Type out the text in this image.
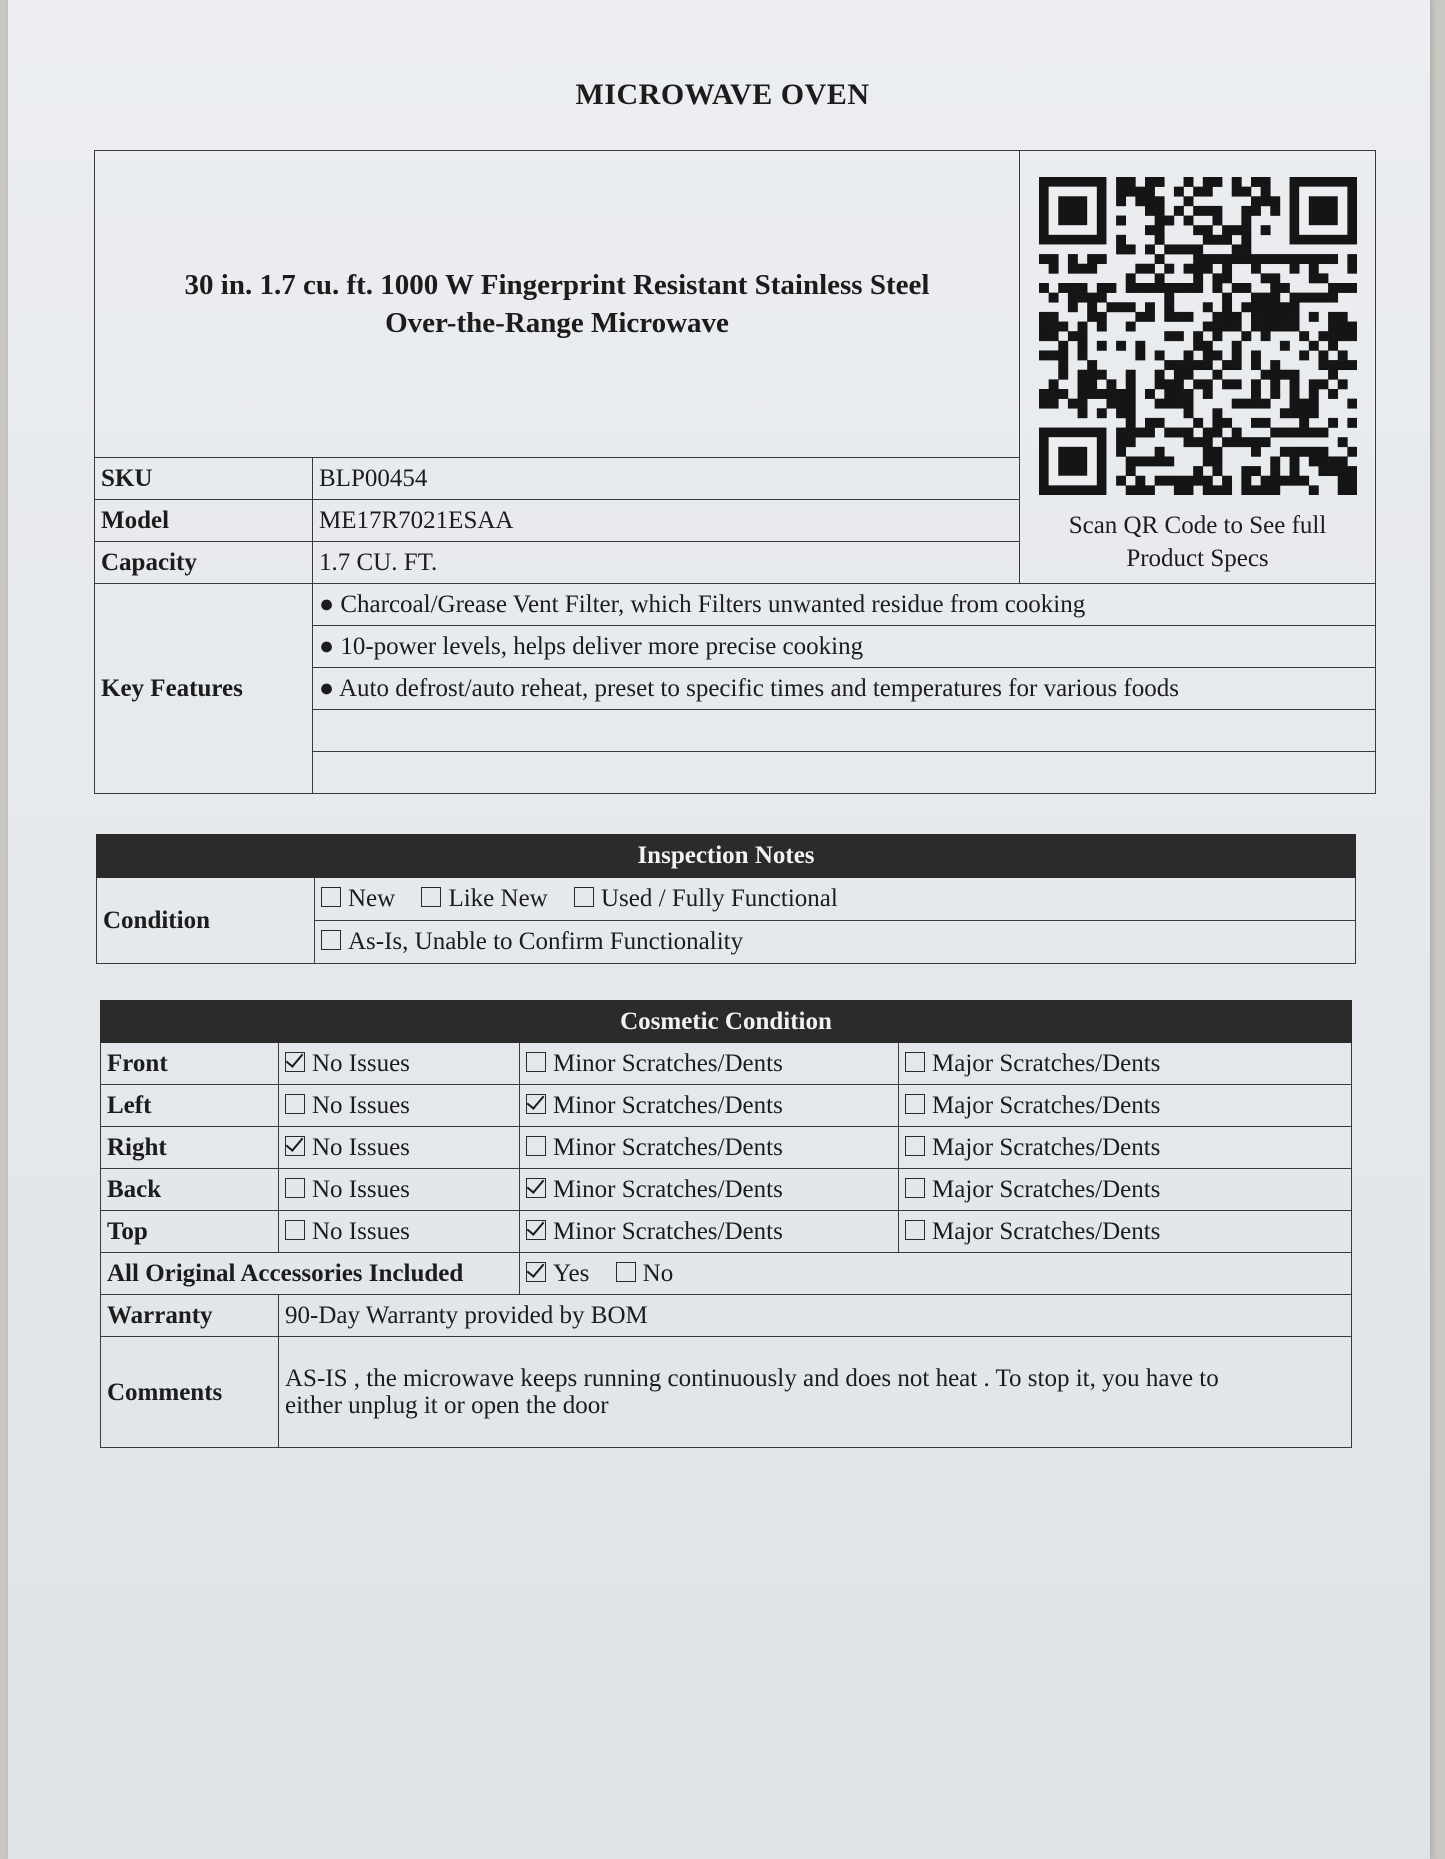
MICROWAVE OVEN
30 in. 1.7 cu. ft. 1000 W Fingerprint Resistant Stainless Steel
Over-the-Range Microwave		Scan QR Code to See full
Product Specs

SKU	BLP00454	
Model	ME17R7021ESAA	
Capacity	1.7 CU. FT.	
Key Features	● Charcoal/Grease Vent Filter, which Filters unwanted residue from cooking	
	● 10-power levels, helps deliver more precise cooking	
	● Auto defrost/auto reheat, preset to specific times and temperatures for various foods	

Inspection Notes
Condition	New Like New Used / Fully Functional
As-Is, Unable to Confirm Functionality
Cosmetic Condition			
Front	No Issues	Minor Scratches/Dents	Major Scratches/Dents
Left	No Issues	Minor Scratches/Dents	Major Scratches/Dents
Right	No Issues	Minor Scratches/Dents	Major Scratches/Dents
Back	No Issues	Minor Scratches/Dents	Major Scratches/Dents
Top	No Issues	Minor Scratches/Dents	Major Scratches/Dents
All Original Accessories Included		Yes No	
Warranty	90-Day Warranty provided by BOM		
Comments	AS-IS , the microwave keeps running continuously and does not heat . To stop it, you have to
either unplug it or open the door		
